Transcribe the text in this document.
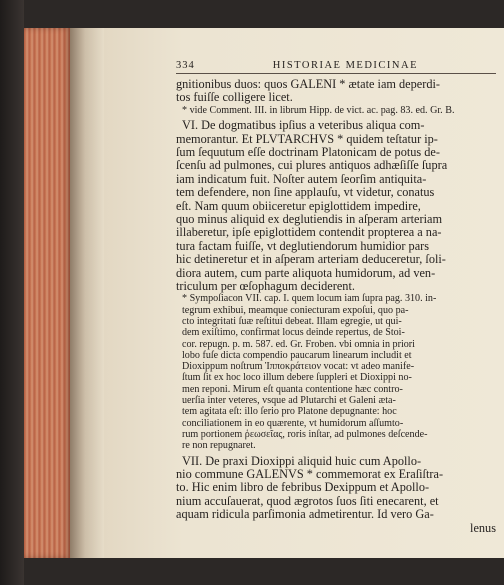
334	HISTORIAE MEDICINAE
gnitionibus duos: quos GALENI * ætate iam deperdi-
tos fuiſſe colligere licet.
* vide Comment. III. in librum Hipp. de vict. ac. pag. 83. ed. Gr. B.
VI. De dogmatibus ipſius a veteribus aliqua com-
memorantur. Et PLVTARCHVS * quidem teſtatur ip-
ſum ſequutum eſſe doctrinam Platonicam de potus de-
ſcenſu ad pulmones, cui plures antiquos adhæſiſſe ſupra
iam indicatum fuit. Noſter autem ſeorſim antiquita-
tem defendere, non ſine applauſu, vt videtur, conatus
eſt. Nam quum obiiceretur epiglottidem impedire,
quo minus aliquid ex deglutiendis in aſperam arteriam
illaberetur, ipſe epiglottidem contendit propterea a na-
tura factam fuiſſe, vt deglutiendorum humidior pars
hic detineretur et in aſperam arteriam deduceretur, ſoli-
diora autem, cum parte aliquota humidorum, ad ven-
triculum per œſophagum deciderent.
* Sympoſiacon VII. cap. I. quem locum iam ſupra pag. 310. in-
tegrum exhibui, meamque coniecturam expoſui, quo pa-
cto integritati ſuæ reſtitui debeat. Illam egregie, ut qui-
dem exiſtimo, confirmat locus deinde repertus, de Stoi-
cor. repugn. p. m. 587. ed. Gr. Froben. vbi omnia in priori
lobo fuſe dicta compendio paucarum linearum includit et
Dioxippum noſtrum Ἱπποκράτειον vocat: vt adeo manife-
ſtum ſit ex hoc loco illum debere ſuppleri et Dioxippi no-
men reponi. Mirum eſt quanta contentione hæc contro-
uerſia inter veteres, vsque ad Plutarchi et Galeni æta-
tem agitata eſt: illo ſerio pro Platone depugnante: hoc
conciliationem in eo quærente, vt humidorum aſſumto-
rum portionem ῥεωσεῖας, roris inſtar, ad pulmones deſcende-
re non repugnaret.
VII. De praxi Dioxippi aliquid huic cum Apollo-
nio commune GALENVS * commemorat ex Eraſiſtra-
to. Hic enim libro de febribus Dexippum et Apollo-
nium accuſauerat, quod ægrotos ſuos ſiti enecarent, et
aquam ridicula parſimonia admetirentur. Id vero Ga-
lenus
